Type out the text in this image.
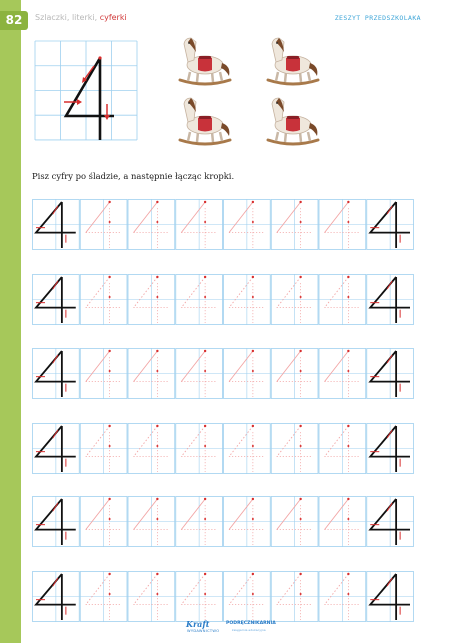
82	Szlaczki, literki, cyferki	ZESZYT PRZEDSZKOLAKA
Pisz cyfry po śladzie, a następnie łącząc kropki.
Kraft
WYDAWNICTWO
PODRĘCZNIKARNIA
księgarnia edukacyjna
